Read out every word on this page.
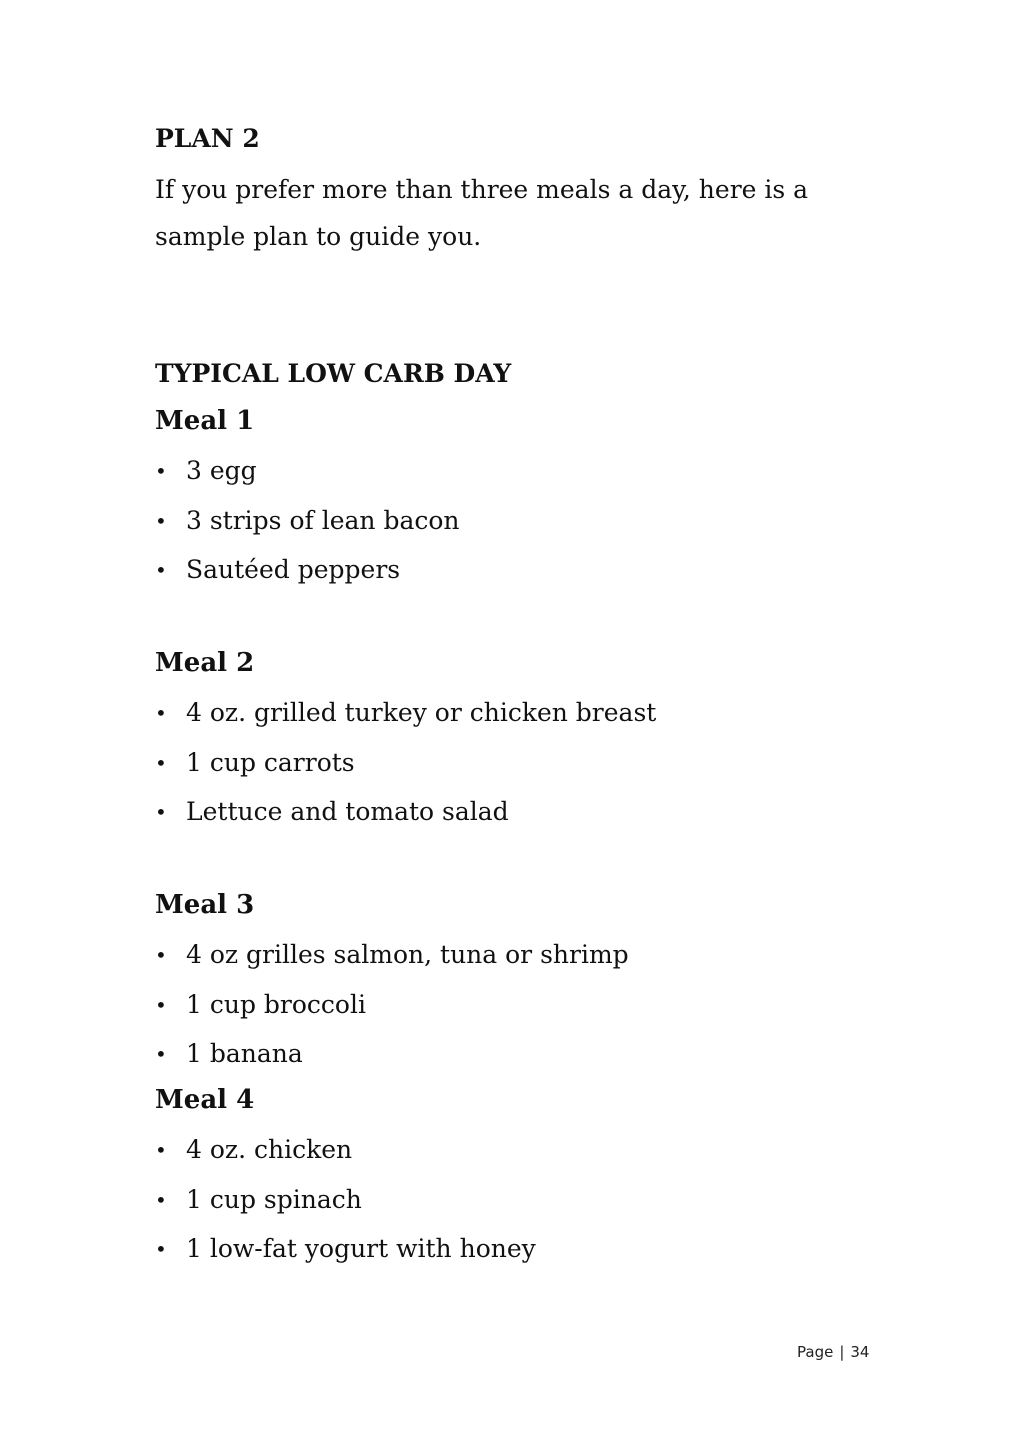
PLAN 2

If you prefer more than three meals a day, here is a sample plan to guide you.

TYPICAL LOW CARB DAY

Meal 1

• 3 egg
• 3 strips of lean bacon
• Sautéed peppers

Meal 2

• 4 oz. grilled turkey or chicken breast
• 1 cup carrots
• Lettuce and tomato salad

Meal 3

• 4 oz grilles salmon, tuna or shrimp
• 1 cup broccoli
• 1 banana

Meal 4

• 4 oz. chicken
• 1 cup spinach
• 1 low-fat yogurt with honey
Page | 34
